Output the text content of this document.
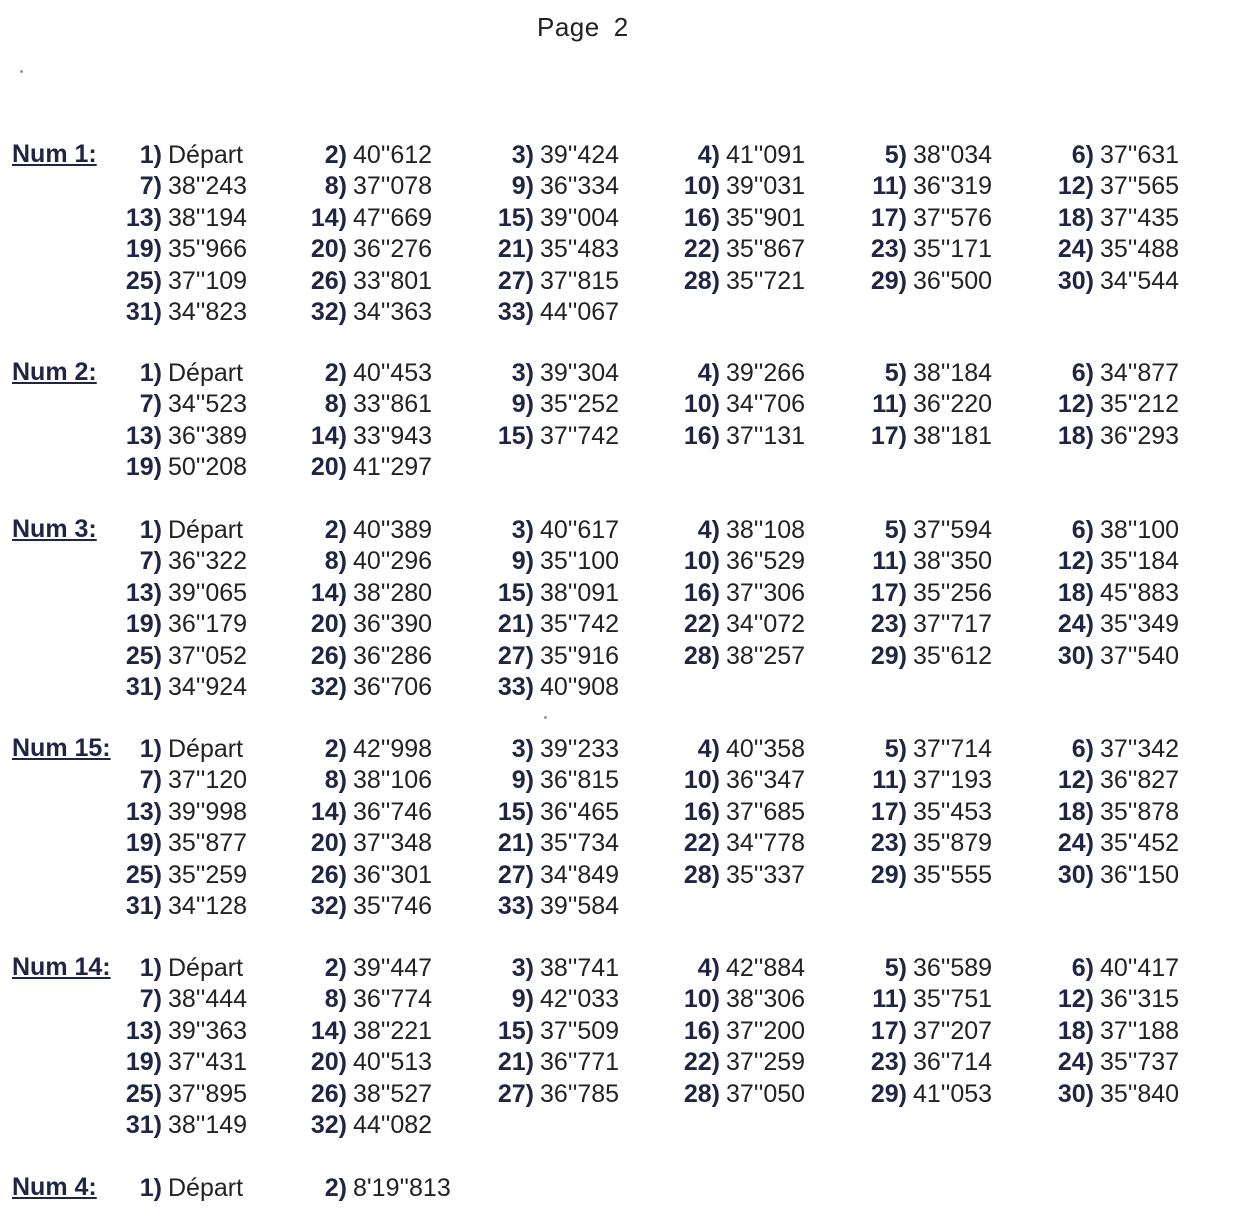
Page 2
Num 1:	1) Départ	2) 40''612	3) 39''424	4) 41''091	5) 38''034	6) 37''631
7) 38''243	8) 37''078	9) 36''334	10) 39''031	11) 36''319	12) 37''565
13) 38''194	14) 47''669	15) 39''004	16) 35''901	17) 37''576	18) 37''435
19) 35''966	20) 36''276	21) 35''483	22) 35''867	23) 35''171	24) 35''488
25) 37''109	26) 33''801	27) 37''815	28) 35''721	29) 36''500	30) 34''544
31) 34''823	32) 34''363	33) 44''067
Num 2:	1) Départ	2) 40''453	3) 39''304	4) 39''266	5) 38''184	6) 34''877
7) 34''523	8) 33''861	9) 35''252	10) 34''706	11) 36''220	12) 35''212
13) 36''389	14) 33''943	15) 37''742	16) 37''131	17) 38''181	18) 36''293
19) 50''208	20) 41''297
Num 3:	1) Départ	2) 40''389	3) 40''617	4) 38''108	5) 37''594	6) 38''100
7) 36''322	8) 40''296	9) 35''100	10) 36''529	11) 38''350	12) 35''184
13) 39''065	14) 38''280	15) 38''091	16) 37''306	17) 35''256	18) 45''883
19) 36''179	20) 36''390	21) 35''742	22) 34''072	23) 37''717	24) 35''349
25) 37''052	26) 36''286	27) 35''916	28) 38''257	29) 35''612	30) 37''540
31) 34''924	32) 36''706	33) 40''908
Num 15:	1) Départ	2) 42''998	3) 39''233	4) 40''358	5) 37''714	6) 37''342
7) 37''120	8) 38''106	9) 36''815	10) 36''347	11) 37''193	12) 36''827
13) 39''998	14) 36''746	15) 36''465	16) 37''685	17) 35''453	18) 35''878
19) 35''877	20) 37''348	21) 35''734	22) 34''778	23) 35''879	24) 35''452
25) 35''259	26) 36''301	27) 34''849	28) 35''337	29) 35''555	30) 36''150
31) 34''128	32) 35''746	33) 39''584
Num 14:	1) Départ	2) 39''447	3) 38''741	4) 42''884	5) 36''589	6) 40''417
7) 38''444	8) 36''774	9) 42''033	10) 38''306	11) 35''751	12) 36''315
13) 39''363	14) 38''221	15) 37''509	16) 37''200	17) 37''207	18) 37''188
19) 37''431	20) 40''513	21) 36''771	22) 37''259	23) 36''714	24) 35''737
25) 37''895	26) 38''527	27) 36''785	28) 37''050	29) 41''053	30) 35''840
31) 38''149	32) 44''082
Num 4:	1) Départ	2) 8'19''813
